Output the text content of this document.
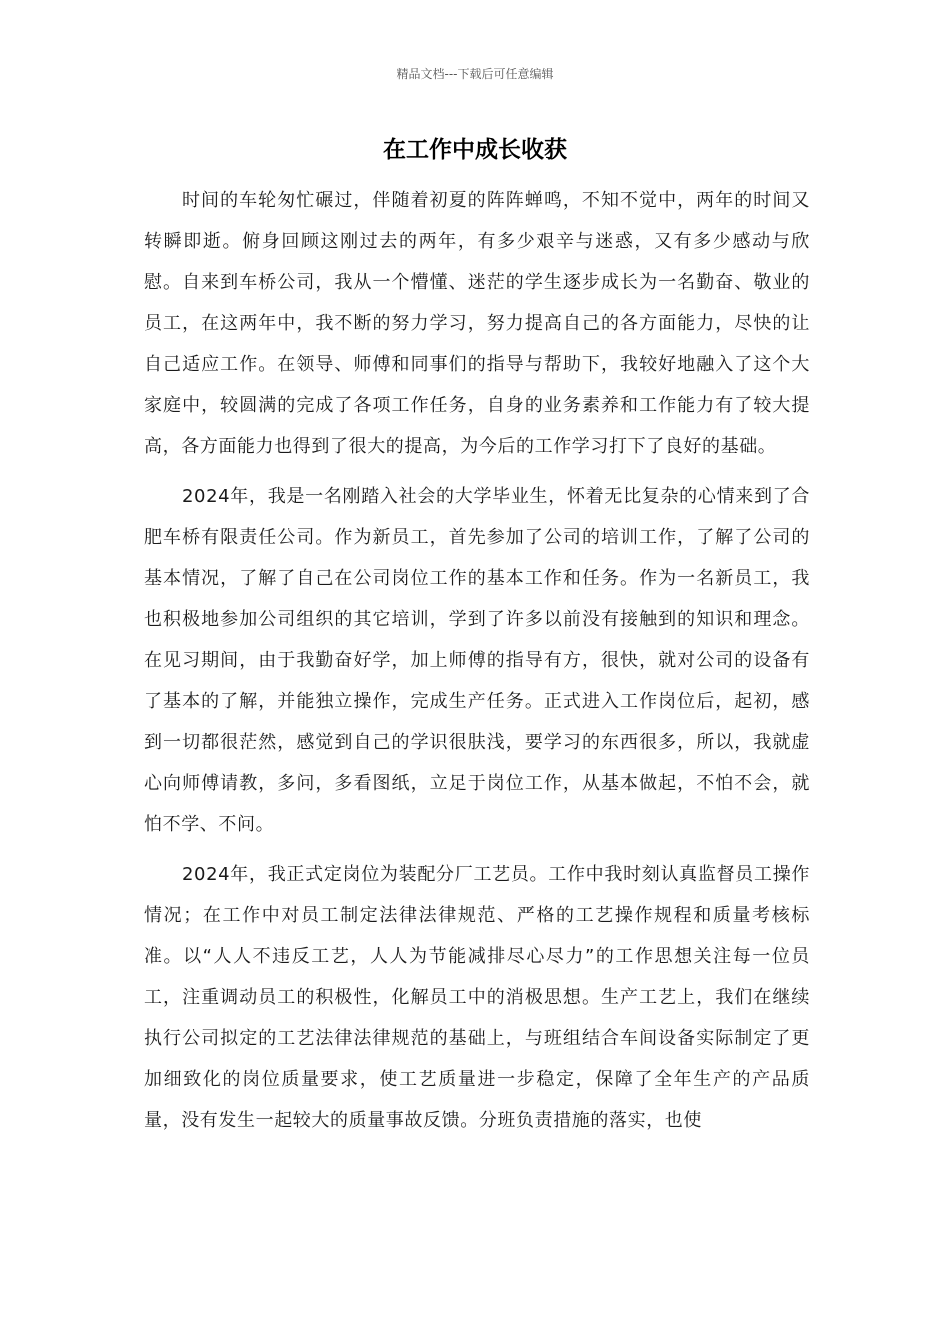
精品文档---下载后可任意编辑
在工作中成长收获

时间的车轮匆忙碾过，伴随着初夏的阵阵蝉鸣，不知不觉中，两年的时间又转瞬即逝。俯身回顾这刚过去的两年，有多少艰辛与迷惑，又有多少感动与欣慰。自来到车桥公司，我从一个懵懂、迷茫的学生逐步成长为一名勤奋、敬业的员工，在这两年中，我不断的努力学习，努力提高自己的各方面能力，尽快的让自己适应工作。在领导、师傅和同事们的指导与帮助下，我较好地融入了这个大家庭中，较圆满的完成了各项工作任务，自身的业务素养和工作能力有了较大提高，各方面能力也得到了很大的提高，为今后的工作学习打下了良好的基础。

2024年，我是一名刚踏入社会的大学毕业生，怀着无比复杂的心情来到了合肥车桥有限责任公司。作为新员工，首先参加了公司的培训工作，了解了公司的基本情况，了解了自己在公司岗位工作的基本工作和任务。作为一名新员工，我也积极地参加公司组织的其它培训，学到了许多以前没有接触到的知识和理念。在见习期间，由于我勤奋好学，加上师傅的指导有方，很快，就对公司的设备有了基本的了解，并能独立操作，完成生产任务。正式进入工作岗位后，起初，感到一切都很茫然，感觉到自己的学识很肤浅，要学习的东西很多，所以，我就虚心向师傅请教，多问，多看图纸，立足于岗位工作，从基本做起，不怕不会，就怕不学、不问。

2024年，我正式定岗位为装配分厂工艺员。工作中我时刻认真监督员工操作情况；在工作中对员工制定法律法律规范、严格的工艺操作规程和质量考核标准。以“人人不违反工艺，人人为节能减排尽心尽力”的工作思想关注每一位员工，注重调动员工的积极性，化解员工中的消极思想。生产工艺上，我们在继续执行公司拟定的工艺法律法律规范的基础上，与班组结合车间设备实际制定了更加细致化的岗位质量要求，使工艺质量进一步稳定，保障了全年生产的产品质量，没有发生一起较大的质量事故反馈。分班负责措施的落实，也使
